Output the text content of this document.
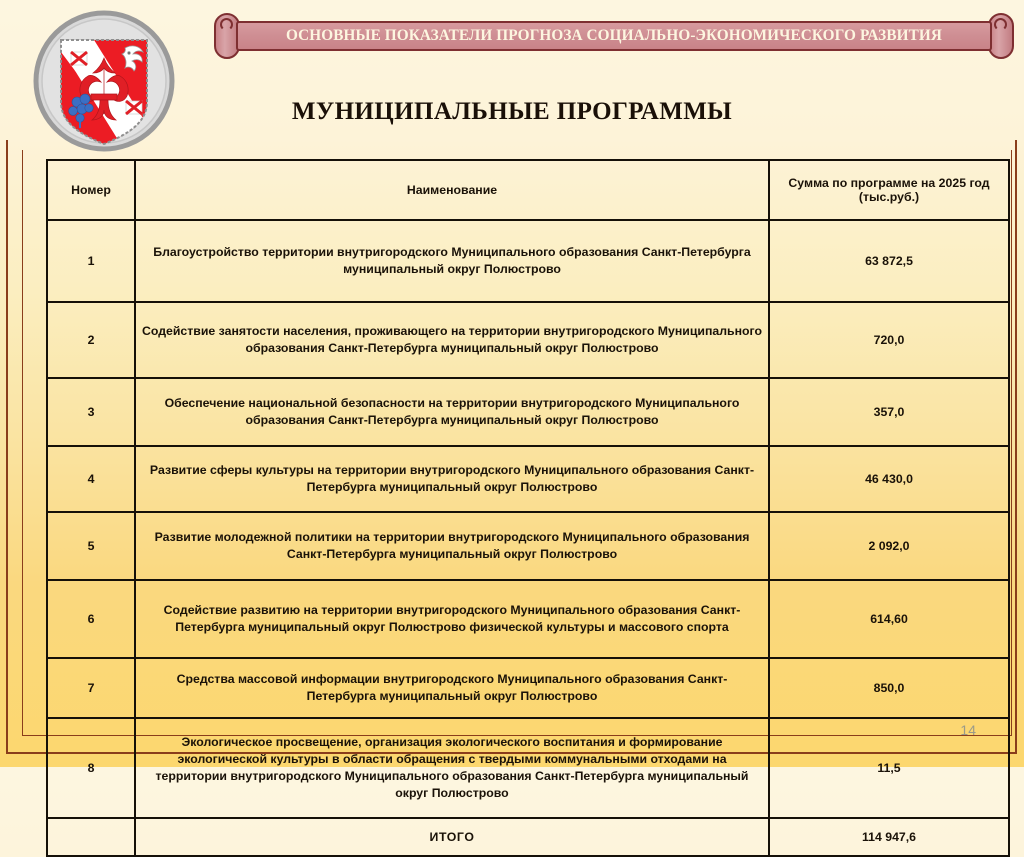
ОСНОВНЫЕ ПОКАЗАТЕЛИ ПРОГНОЗА СОЦИАЛЬНО-ЭКОНОМИЧЕСКОГО РАЗВИТИЯ
МУНИЦИПАЛЬНЫЕ ПРОГРАММЫ
Номер	Наименование	Сумма по программе на 2025 год (тыс.руб.)
1	Благоустройство территории внутригородского Муниципального образования Санкт-Петербурга муниципальный округ Полюстрово	63 872,5
2	Содействие занятости населения, проживающего на территории внутригородского Муниципального образования Санкт-Петербурга муниципальный округ Полюстрово	720,0
3	Обеспечение национальной безопасности на территории внутригородского Муниципального образования Санкт-Петербурга муниципальный округ Полюстрово	357,0
4	Развитие сферы культуры на территории внутригородского Муниципального образования Санкт-Петербурга муниципальный округ Полюстрово	46 430,0
5	Развитие молодежной политики на территории внутригородского Муниципального образования Санкт-Петербурга муниципальный округ Полюстрово	2 092,0
6	Содействие развитию на территории внутригородского Муниципального образования Санкт-Петербурга муниципальный округ Полюстрово физической культуры и массового спорта	614,60
7	Средства массовой информации внутригородского Муниципального образования Санкт-Петербурга муниципальный округ Полюстрово	850,0
8	Экологическое просвещение, организация экологического воспитания и формирование экологической культуры в области обращения с твердыми коммунальными отходами на территории внутригородского Муниципального образования Санкт-Петербурга муниципальный округ Полюстрово	11,5
	ИТОГО	114 947,6
14
